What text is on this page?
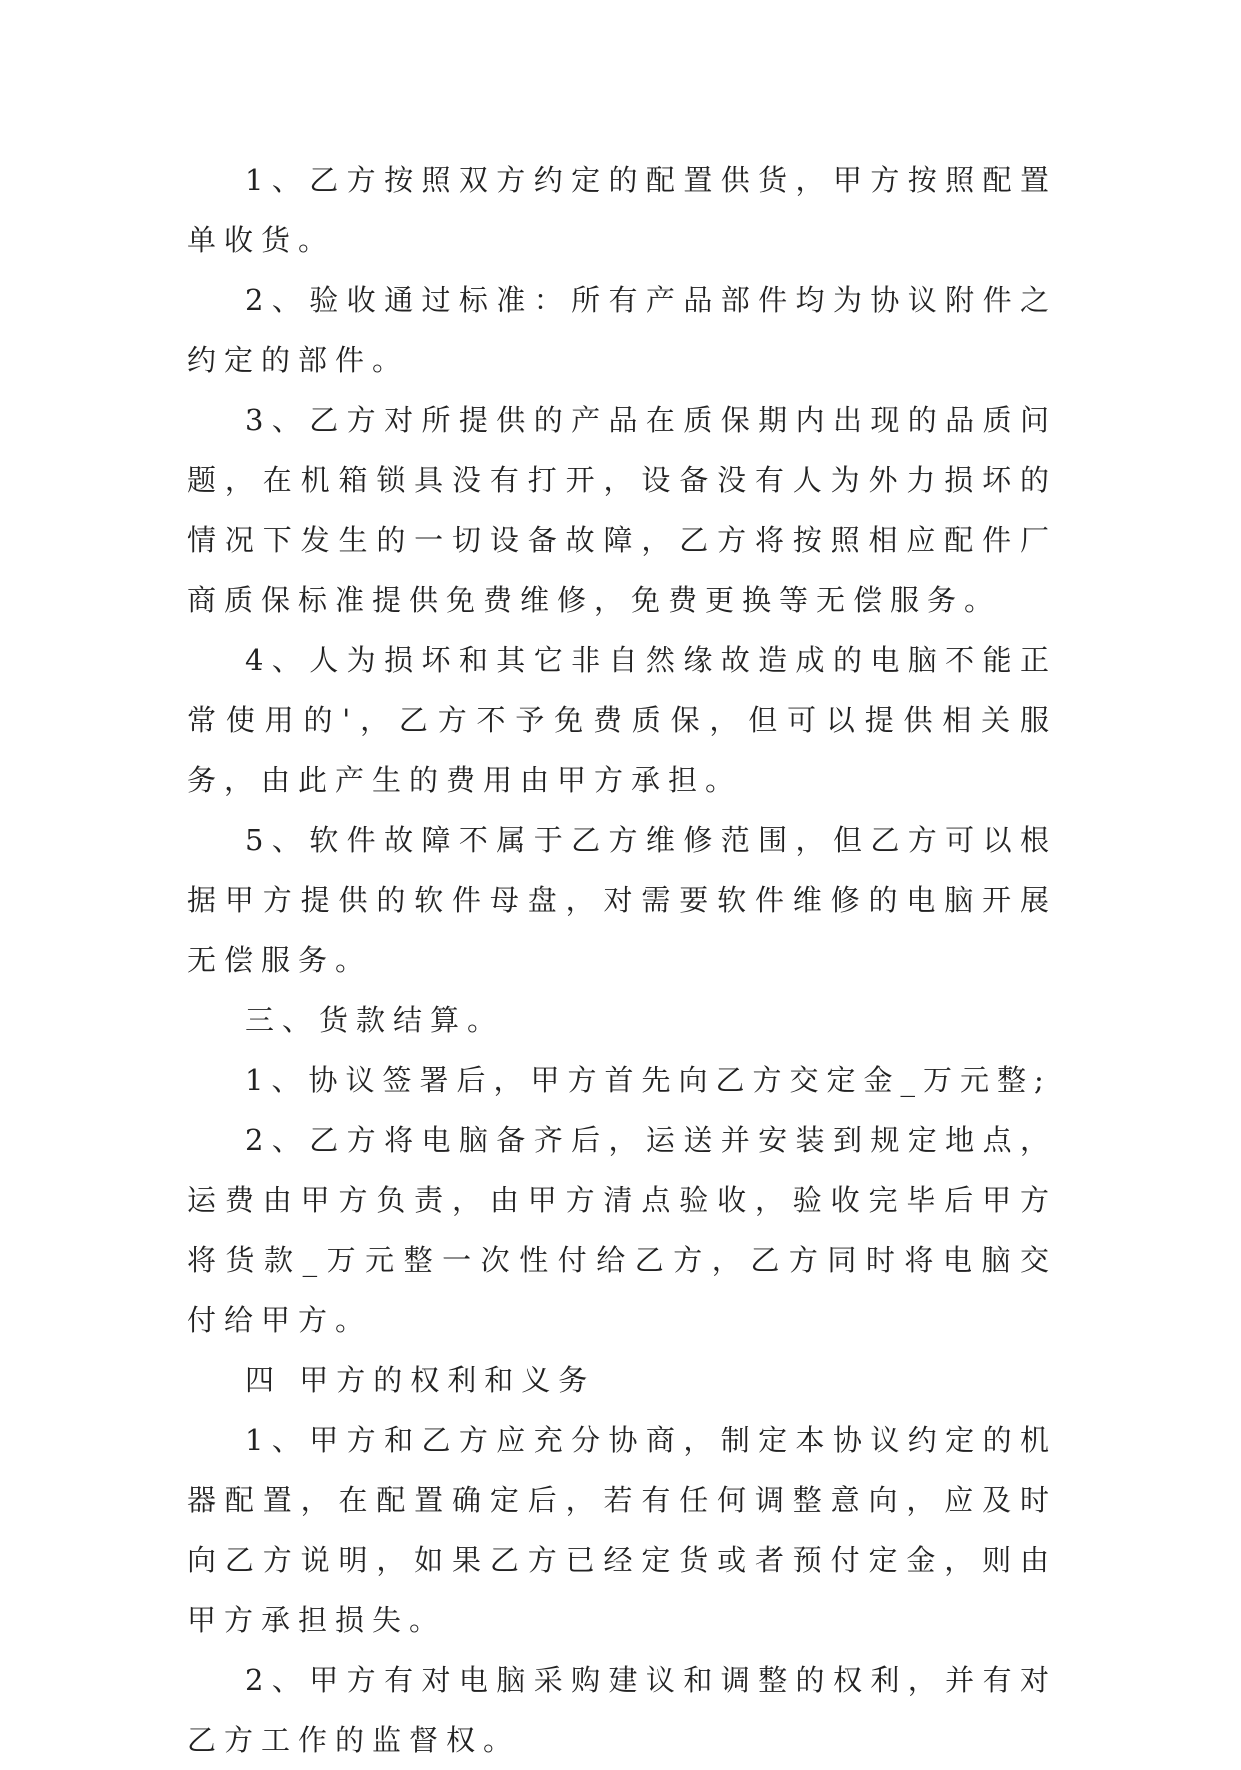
1、乙方按照双方约定的配置供货，甲方按照配置单收货。

2、验收通过标准：所有产品部件均为协议附件之约定的部件。

3、乙方对所提供的产品在质保期内出现的品质问题，在机箱锁具没有打开，设备没有人为外力损坏的情况下发生的一切设备故障，乙方将按照相应配件厂商质保标准提供免费维修，免费更换等无偿服务。

4、人为损坏和其它非自然缘故造成的电脑不能正常使用的'，乙方不予免费质保，但可以提供相关服务，由此产生的费用由甲方承担。

5、软件故障不属于乙方维修范围，但乙方可以根据甲方提供的软件母盘，对需要软件维修的电脑开展无偿服务。

三、货款结算。

1、协议签署后，甲方首先向乙方交定金_万元整;

2、乙方将电脑备齐后，运送并安装到规定地点，运费由甲方负责，由甲方清点验收，验收完毕后甲方将货款_万元整一次性付给乙方，乙方同时将电脑交付给甲方。

四 甲方的权利和义务

1、甲方和乙方应充分协商，制定本协议约定的机器配置，在配置确定后，若有任何调整意向，应及时向乙方说明，如果乙方已经定货或者预付定金，则由甲方承担损失。

2、甲方有对电脑采购建议和调整的权利，并有对乙方工作的监督权。
